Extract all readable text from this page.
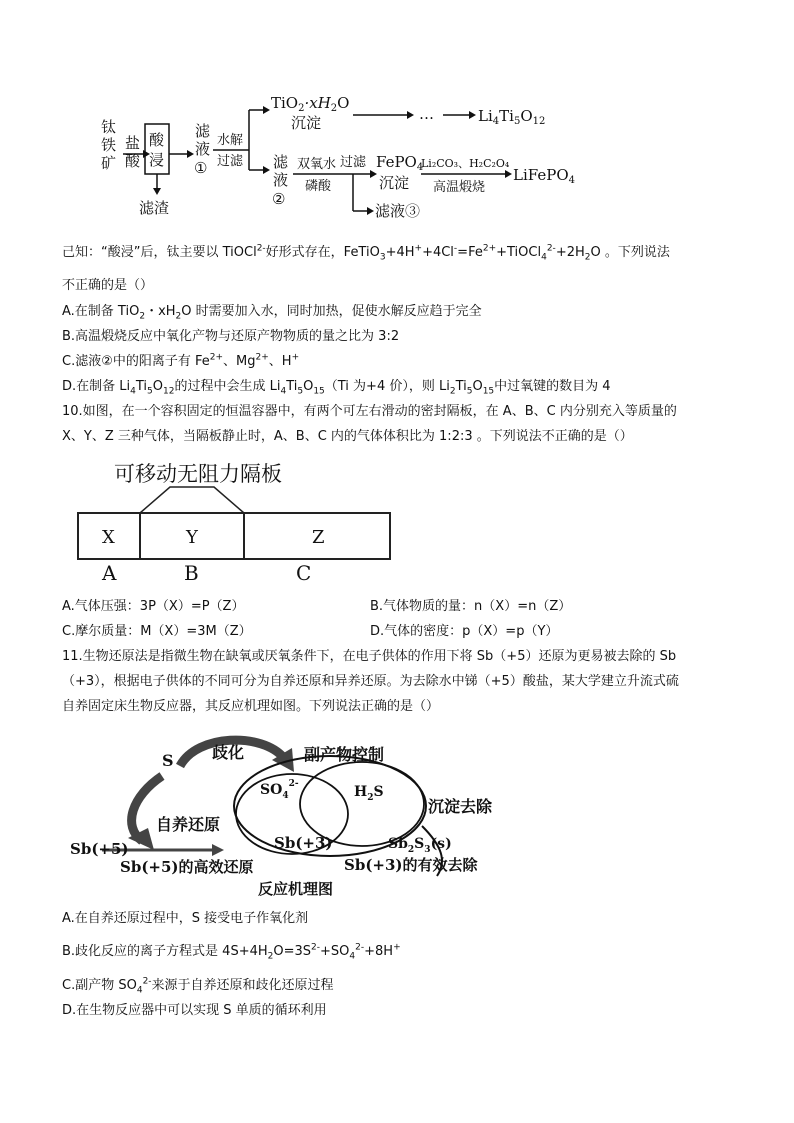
钛
铁
矿
盐
酸
酸
浸
滤渣
滤
液
①
水解
过滤
$TiO_2\cdot xH_2O$
沉淀	…	$Li_4Ti_5O_{12}$
滤
液
②
双氧水
磷酸
过滤
滤液③
FePO$_4$
沉淀
Li₂CO₃、H₂C₂O₄
高温煅烧
LiFePO$_4$
己知：“酸浸”后，钛主要以 TiOCl$^{2-}$好形式存在，$FeTiO_3+4H^++4Cl^-=Fe^{2+}+TiOCl_4^{2-}+2H_2O$ 。下列说法
不正确的是（）
A.在制备 TiO$_2$・$xH_2O$ 时需要加入水，同时加热，促使水解反应趋于完全
B.高温煅烧反应中氧化产物与还原产物物质的量之比为 3:2
C.滤液②中的阳离子有 $Fe^{2+}$、$Mg^{2+}$、H+
D.在制备 $Li_4Ti_5O_{12}$的过程中会生成 $Li_4Ti_5O_{15}(Ti$ 为+4 价），则 $Li_2Ti_5O_{15}$中过氧键的数目为 4
10.如图，在一个容积固定的恒温容器中，有两个可左右滑动的密封隔板，在 A、B、C 内分别充入等质量的
X、Y、Z 三种气体，当隔板静止时，A、B、C 内的气体体积比为 1:2:3 。下列说法不正确的是（）
可移动无阻力隔板
X	Y	Z
A	B	C
A.气体压强：3P（X）=P（Z）	B.气体物质的量：n（X）=n（Z）
C.摩尔质量：M（X）=3M（Z）	D.气体的密度：p（X）=p（Y）
11.生物还原法是指微生物在缺氧或厌氧条件下，在电子供体的作用下将 Sb（+5）还原为更易被去除的 Sb
（+3），根据电子供体的不同可分为自养还原和异养还原。为去除水中锑（+5）酸盐，某大学建立升流式硫
自养固定床生物反应器，其反应机理如图。下列说法正确的是（）
S 歧化	副产物控制
$SO_4^{2-}$	$H_2S$
沉淀去除
自养还原
Sb(+5)	Sb(+3)	$Sb_2S_3(s)$
Sb(+5)的高效还原	Sb(+3)的有效去除
反应机理图
A.在自养还原过程中，S 接受电子作氧化剂
B.歧化反应的离子方程式是 $4S+4H_2O=3S^{2-}+SO_4^{2-}+8H^+$
C.副产物 $SO_4^{2-}$来源于自养还原和歧化还原过程
D.在生物反应器中可以实现 S 单质的循环利用
